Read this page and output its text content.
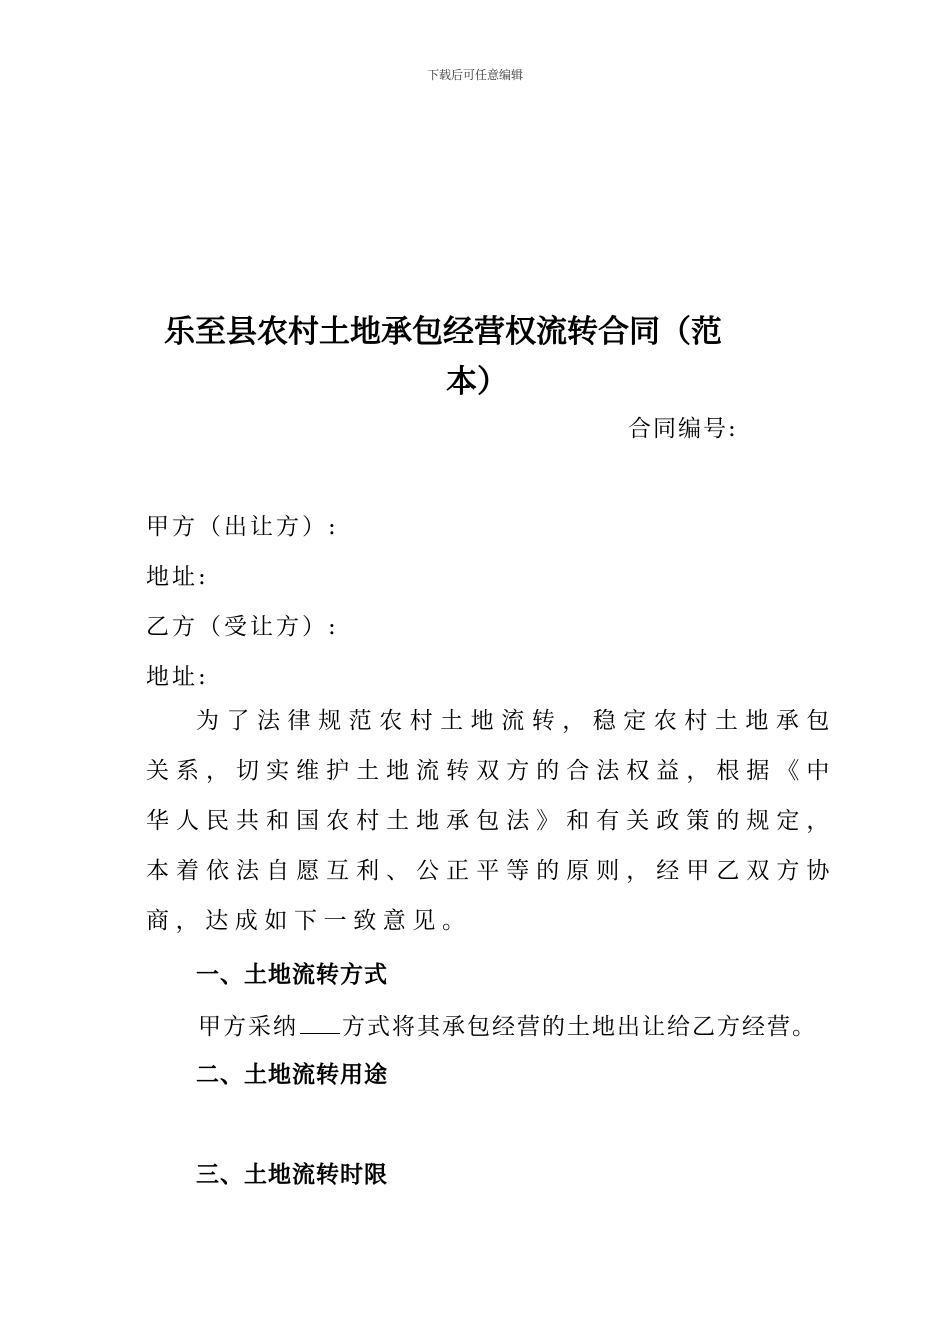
下载后可任意编辑
乐至县农村土地承包经营权流转合同（范
本）
合同编号:
甲方（出让方）:
地址:
乙方（受让方）:
地址:
为了法律规范农村土地流转，稳定农村土地承包关系，切实维护土地流转双方的合法权益，根据《中华人民共和国农村土地承包法》和有关政策的规定，本着依法自愿互利、公正平等的原则，经甲乙双方协商，达成如下一致意见。
一、土地流转方式
甲方采纳 方式将其承包经营的土地出让给乙方经营。
二、土地流转用途
三、土地流转时限
